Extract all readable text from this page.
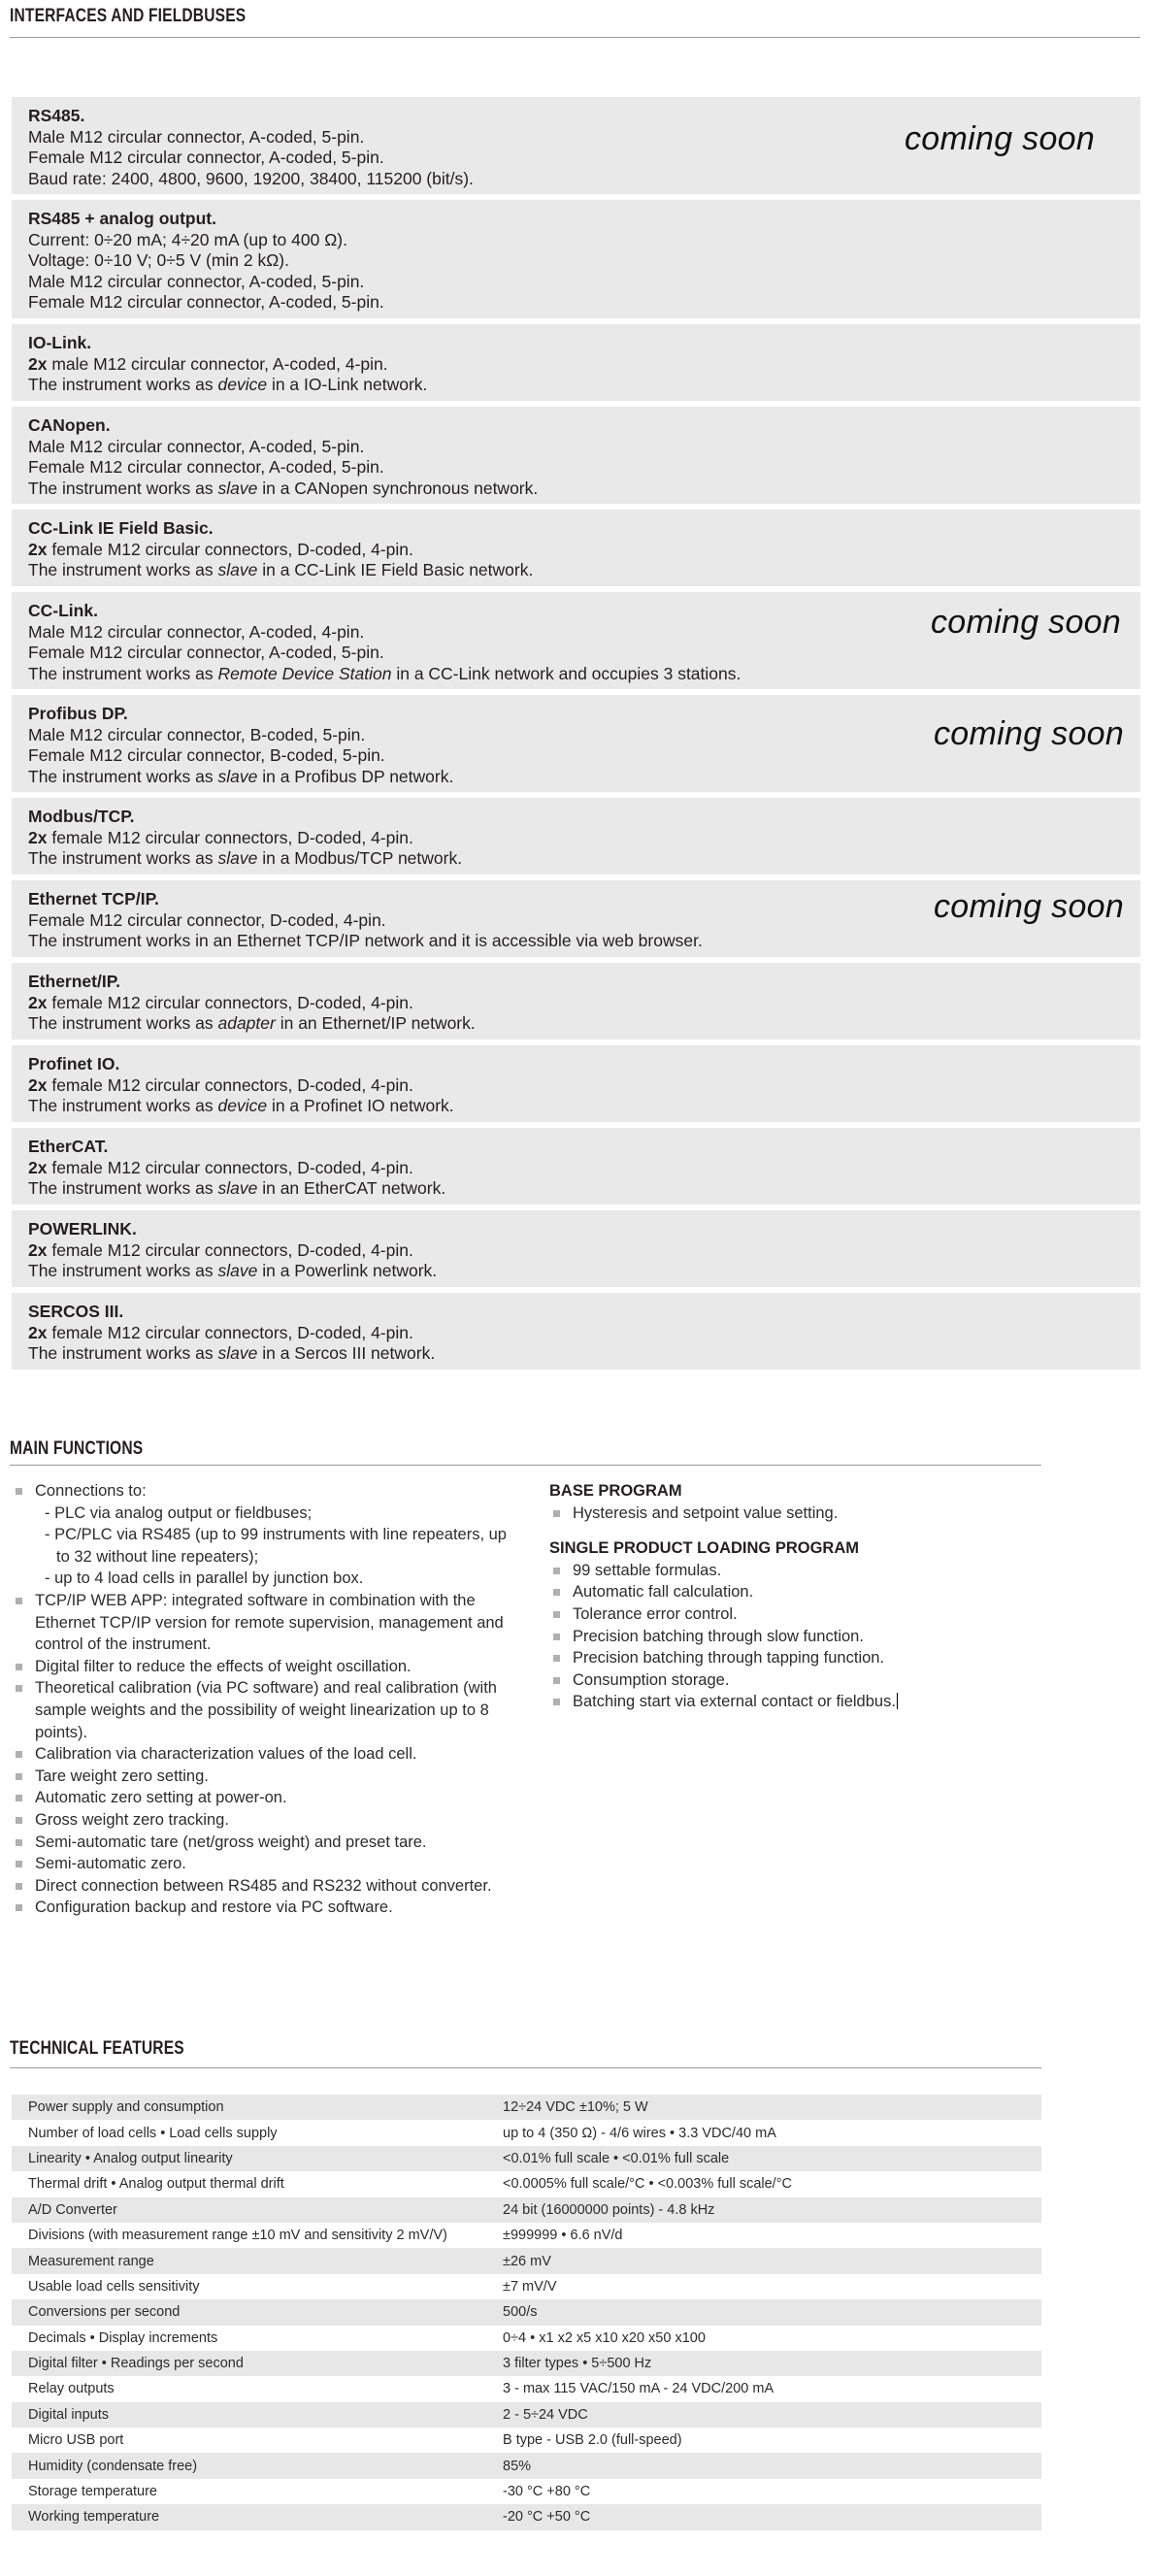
INTERFACES AND FIELDBUSES
RS485.
Male M12 circular connector, A-coded, 5-pin.
Female M12 circular connector, A-coded, 5-pin.
Baud rate: 2400, 4800, 9600, 19200, 38400, 115200 (bit/s).
coming soon
RS485 + analog output.
Current: 0÷20 mA; 4÷20 mA (up to 400 Ω).
Voltage: 0÷10 V; 0÷5 V (min 2 kΩ).
Male M12 circular connector, A-coded, 5-pin.
Female M12 circular connector, A-coded, 5-pin.
IO-Link.
2x male M12 circular connector, A-coded, 4-pin.
The instrument works as device in a IO-Link network.
CANopen.
Male M12 circular connector, A-coded, 5-pin.
Female M12 circular connector, A-coded, 5-pin.
The instrument works as slave in a CANopen synchronous network.
CC-Link IE Field Basic.
2x female M12 circular connectors, D-coded, 4-pin.
The instrument works as slave in a CC-Link IE Field Basic network.
CC-Link.
Male M12 circular connector, A-coded, 4-pin.
Female M12 circular connector, A-coded, 5-pin.
The instrument works as Remote Device Station in a CC-Link network and occupies 3 stations.
coming soon
Profibus DP.
Male M12 circular connector, B-coded, 5-pin.
Female M12 circular connector, B-coded, 5-pin.
The instrument works as slave in a Profibus DP network.
coming soon
Modbus/TCP.
2x female M12 circular connectors, D-coded, 4-pin.
The instrument works as slave in a Modbus/TCP network.
Ethernet TCP/IP.
Female M12 circular connector, D-coded, 4-pin.
The instrument works in an Ethernet TCP/IP network and it is accessible via web browser.
coming soon
Ethernet/IP.
2x female M12 circular connectors, D-coded, 4-pin.
The instrument works as adapter in an Ethernet/IP network.
Profinet IO.
2x female M12 circular connectors, D-coded, 4-pin.
The instrument works as device in a Profinet IO network.
EtherCAT.
2x female M12 circular connectors, D-coded, 4-pin.
The instrument works as slave in an EtherCAT network.
POWERLINK.
2x female M12 circular connectors, D-coded, 4-pin.
The instrument works as slave in a Powerlink network.
SERCOS III.
2x female M12 circular connectors, D-coded, 4-pin.
The instrument works as slave in a Sercos III network.
MAIN FUNCTIONS
Connections to:
- PLC via analog output or fieldbuses;
- PC/PLC via RS485 (up to 99 instruments with line repeaters, up
to 32 without line repeaters);
- up to 4 load cells in parallel by junction box.
TCP/IP WEB APP: integrated software in combination with the
Ethernet TCP/IP version for remote supervision, management and
control of the instrument.
Digital filter to reduce the effects of weight oscillation.
Theoretical calibration (via PC software) and real calibration (with
sample weights and the possibility of weight linearization up to 8
points).
Calibration via characterization values of the load cell.
Tare weight zero setting.
Automatic zero setting at power-on.
Gross weight zero tracking.
Semi-automatic tare (net/gross weight) and preset tare.
Semi-automatic zero.
Direct connection between RS485 and RS232 without converter.
Configuration backup and restore via PC software.
BASE PROGRAM
Hysteresis and setpoint value setting.
SINGLE PRODUCT LOADING PROGRAM
99 settable formulas.
Automatic fall calculation.
Tolerance error control.
Precision batching through slow function.
Precision batching through tapping function.
Consumption storage.
Batching start via external contact or fieldbus.
TECHNICAL FEATURES
Power supply and consumption	12÷24 VDC ±10%; 5 W
Number of load cells • Load cells supply	up to 4 (350 Ω) - 4/6 wires • 3.3 VDC/40 mA
Linearity • Analog output linearity	<0.01% full scale • <0.01% full scale
Thermal drift • Analog output thermal drift	<0.0005% full scale/°C • <0.003% full scale/°C
A/D Converter	24 bit (16000000 points) - 4.8 kHz
Divisions (with measurement range ±10 mV and sensitivity 2 mV/V)	±999999 • 6.6 nV/d
Measurement range	±26 mV
Usable load cells sensitivity	±7 mV/V
Conversions per second	500/s
Decimals • Display increments	0÷4 • x1 x2 x5 x10 x20 x50 x100
Digital filter • Readings per second	3 filter types • 5÷500 Hz
Relay outputs	3 - max 115 VAC/150 mA - 24 VDC/200 mA
Digital inputs	2 - 5÷24 VDC
Micro USB port	B type - USB 2.0 (full-speed)
Humidity (condensate free)	85%
Storage temperature	-30 °C +80 °C
Working temperature	-20 °C +50 °C
